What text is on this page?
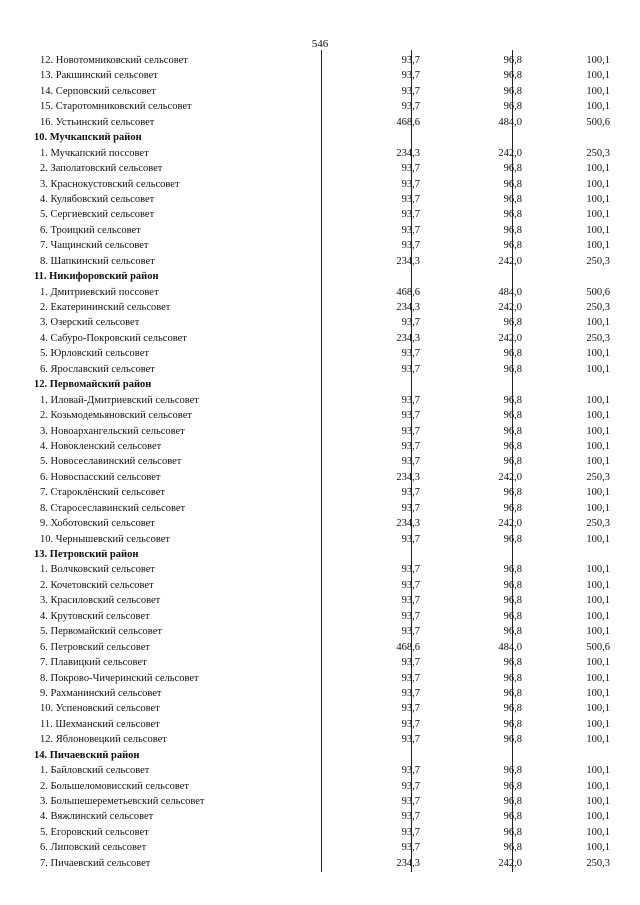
546
12. Новотомниковский сельсовет	93,7	96,8	100,1
13. Ракшинский сельсовет	93,7	96,8	100,1
14. Серповский сельсовет	93,7	96,8	100,1
15. Старотомниковский сельсовет	93,7	96,8	100,1
16. Устьинский сельсовет	468,6	484,0	500,6
10. Мучкапский район
1. Мучкапский поссовет	234,3	242,0	250,3
2. Заполатовский сельсовет	93,7	96,8	100,1
3. Краснокустовский сельсовет	93,7	96,8	100,1
4. Кулябовский сельсовет	93,7	96,8	100,1
5. Сергиевский сельсовет	93,7	96,8	100,1
6. Троицкий сельсовет	93,7	96,8	100,1
7. Чащинский сельсовет	93,7	96,8	100,1
8. Шапкинский сельсовет	234,3	242,0	250,3
11. Никифоровский район
1. Дмитриевский поссовет	468,6	484,0	500,6
2. Екатерининский сельсовет	234,3	242,0	250,3
3. Озерский сельсовет	93,7	96,8	100,1
4. Сабуро-Покровский сельсовет	234,3	242,0	250,3
5. Юрловский сельсовет	93,7	96,8	100,1
6. Ярославский сельсовет	93,7	96,8	100,1
12. Первомайский район
1. Иловай-Дмитриевский сельсовет	93,7	96,8	100,1
2. Козьмодемьяновский сельсовет	93,7	96,8	100,1
3. Новоархангельский сельсовет	93,7	96,8	100,1
4. Новокленский сельсовет	93,7	96,8	100,1
5. Новосеславинский сельсовет	93,7	96,8	100,1
6. Новоспасский сельсовет	234,3	242,0	250,3
7. Староклёнский сельсовет	93,7	96,8	100,1
8. Старосеславинский сельсовет	93,7	96,8	100,1
9. Хоботовский сельсовет	234,3	242,0	250,3
10. Чернышевский сельсовет	93,7	96,8	100,1
13. Петровский район
1. Волчковский сельсовет	93,7	96,8	100,1
2. Кочетовский сельсовет	93,7	96,8	100,1
3. Красиловский сельсовет	93,7	96,8	100,1
4. Крутовский сельсовет	93,7	96,8	100,1
5. Первомайский сельсовет	93,7	96,8	100,1
6. Петровский сельсовет	468,6	484,0	500,6
7. Плавицкий сельсовет	93,7	96,8	100,1
8. Покрово-Чичеринский сельсовет	93,7	96,8	100,1
9. Рахманинский сельсовет	93,7	96,8	100,1
10. Успеновский сельсовет	93,7	96,8	100,1
11. Шехманский сельсовет	93,7	96,8	100,1
12. Яблоновецкий сельсовет	93,7	96,8	100,1
14. Пичаевский район
1. Байловский сельсовет	93,7	96,8	100,1
2. Большеломовисский сельсовет	93,7	96,8	100,1
3. Большешереметьевский сельсовет	93,7	96,8	100,1
4. Вяжлинский сельсовет	93,7	96,8	100,1
5. Егоровский сельсовет	93,7	96,8	100,1
6. Липовский сельсовет	93,7	96,8	100,1
7. Пичаевский сельсовет	234,3	242,0	250,3
